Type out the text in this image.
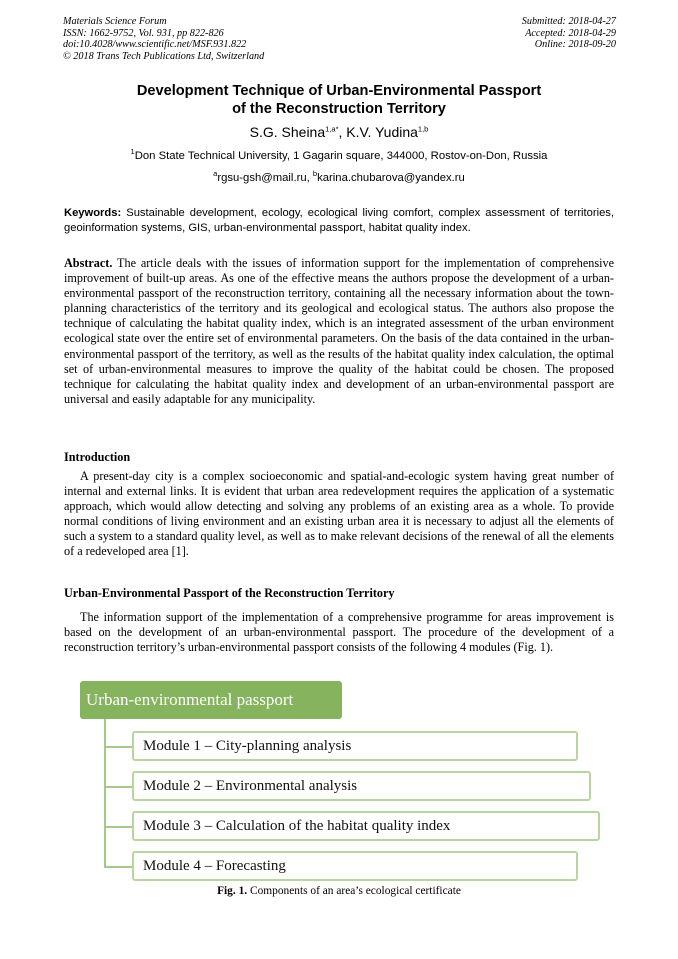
Materials Science Forum
ISSN: 1662-9752, Vol. 931, pp 822-826
doi:10.4028/www.scientific.net/MSF.931.822
© 2018 Trans Tech Publications Ltd, Switzerland
Submitted: 2018-04-27
Accepted: 2018-04-29
Online: 2018-09-20
Development Technique of Urban-Environmental Passport
of the Reconstruction Territory
S.G. Sheina$^{1,a*}$, K.V. Yudina$^{1,b}$
$^1$Don State Technical University, 1 Gagarin square, 344000, Rostov-on-Don, Russia
$^a$rgsu-gsh@mail.ru, $^b$karina.chubarova@yandex.ru
Keywords: Sustainable development, ecology, ecological living comfort, complex assessment of territories, geoinformation systems, GIS, urban-environmental passport, habitat quality index.
Abstract. The article deals with the issues of information support for the implementation of comprehensive improvement of built-up areas. As one of the effective means the authors propose the development of a urban-environmental passport of the reconstruction territory, containing all the necessary information about the town-planning characteristics of the territory and its geological and ecological status. The authors also propose the technique of calculating the habitat quality index, which is an integrated assessment of the urban environment ecological state over the entire set of environmental parameters. On the basis of the data contained in the urban-environmental passport of the territory, as well as the results of the habitat quality index calculation, the optimal set of urban-environmental measures to improve the quality of the habitat could be chosen. The proposed technique for calculating the habitat quality index and development of an urban-environmental passport are universal and easily adaptable for any municipality.
Introduction
A present-day city is a complex socioeconomic and spatial-and-ecologic system having great number of internal and external links. It is evident that urban area redevelopment requires the application of a systematic approach, which would allow detecting and solving any problems of an existing area as a whole. To provide normal conditions of living environment and an existing urban area it is necessary to adjust all the elements of such a system to a standard quality level, as well as to make relevant decisions of the renewal of all the elements of a redeveloped area [1].
Urban-Environmental Passport of the Reconstruction Territory
The information support of the implementation of a comprehensive programme for areas improvement is based on the development of an urban-environmental passport. The procedure of the development of a reconstruction territory’s urban-environmental passport consists of the following 4 modules (Fig. 1).
Urban-environmental passport
Module 1 – City-planning analysis
Module 2 – Environmental analysis
Module 3 – Calculation of the habitat quality index
Module 4 – Forecasting
Fig. 1. Components of an area’s ecological certificate
